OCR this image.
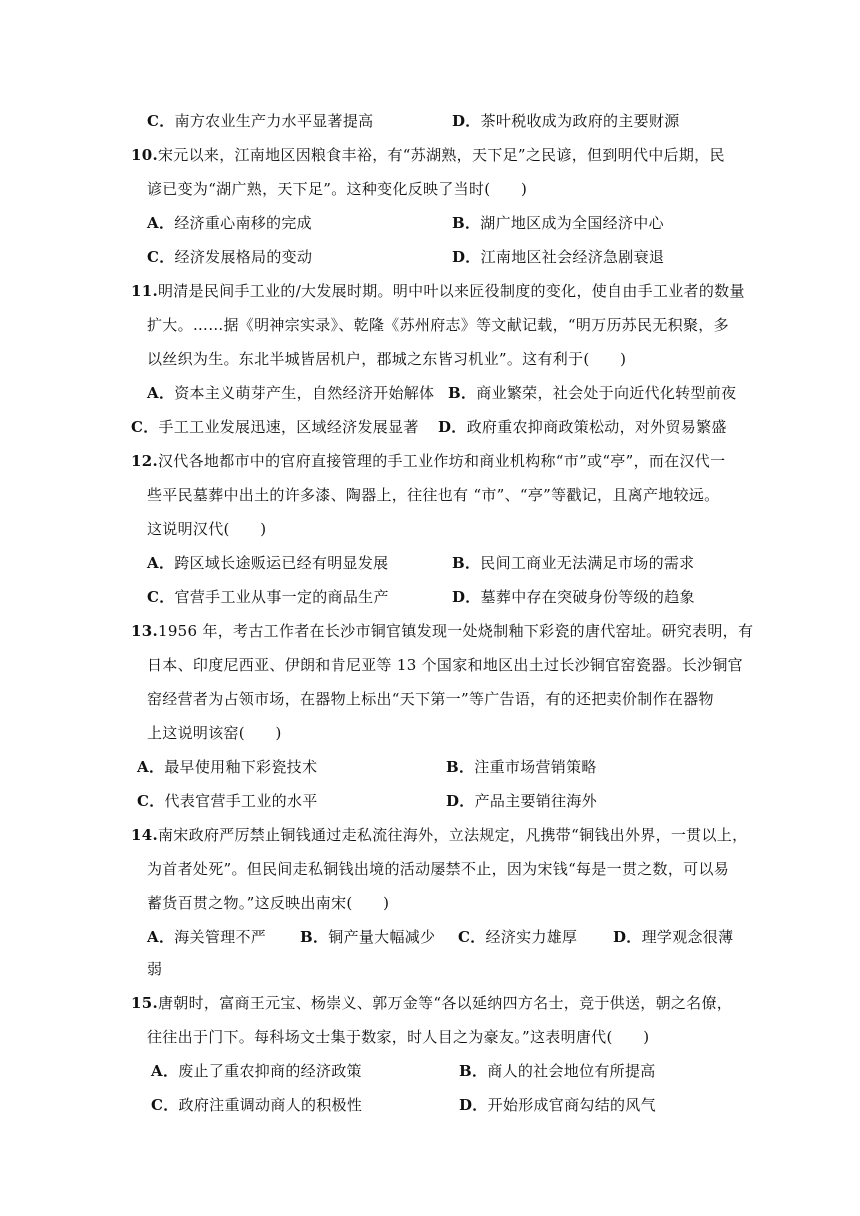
C．南方农业生产力水平显著提高	D．茶叶税收成为政府的主要财源
10.宋元以来，江南地区因粮食丰裕，有“苏湖熟，天下足”之民谚，但到明代中后期，民
谚已变为“湖广熟，天下足”。这种变化反映了当时(　　)
A．经济重心南移的完成	B．湖广地区成为全国经济中心
C．经济发展格局的变动	D．江南地区社会经济急剧衰退
11.明清是民间手工业的/大发展时期。明中叶以来匠役制度的变化，使自由手工业者的数量
扩大。……据《明神宗实录》、乾隆《苏州府志》等文献记载，“明万历苏民无积聚，多
以丝织为生。东北半城皆居机户，郡城之东皆习机业”。这有利于(　　)
A．资本主义萌芽产生，自然经济开始解体 B．商业繁荣，社会处于向近代化转型前夜
C．手工工业发展迅速，区域经济发展显著 D．政府重农抑商政策松动，对外贸易繁盛
12.汉代各地都市中的官府直接管理的手工业作坊和商业机构称“市”或“亭”，而在汉代一
些平民墓葬中出土的许多漆、陶器上，往往也有 “市”、“亭”等戳记，且离产地较远。
这说明汉代(　　)
A．跨区域长途贩运已经有明显发展	B．民间工商业无法满足市场的需求
C．官营手工业从事一定的商品生产	D．墓葬中存在突破身份等级的趋象
13.1956 年，考古工作者在长沙市铜官镇发现一处烧制釉下彩瓷的唐代窑址。研究表明，有
日本、印度尼西亚、伊朗和肯尼亚等 13 个国家和地区出土过长沙铜官窑瓷器。长沙铜官
窑经营者为占领市场，在器物上标出“天下第一”等广告语，有的还把卖价制作在器物
上这说明该窑(　　)
A．最早使用釉下彩瓷技术	B．注重市场营销策略
C．代表官营手工业的水平	D．产品主要销往海外
14.南宋政府严厉禁止铜钱通过走私流往海外，立法规定，凡携带“铜钱出外界，一贯以上，
为首者处死”。但民间走私铜钱出境的活动屡禁不止，因为宋钱“每是一贯之数，可以易
蓄货百贯之物。”这反映出南宋(　　)
A．海关管理不严 B．铜产量大幅减少 C．经济实力雄厚 D．理学观念很薄
弱
15.唐朝时，富商王元宝、杨崇义、郭万金等“各以延纳四方名士，竞于供送，朝之名僚，
往往出于门下。每科场文士集于数家，时人目之为豪友。”这表明唐代(　　)
A．废止了重农抑商的经济政策	B．商人的社会地位有所提高
C．政府注重调动商人的积极性	D．开始形成官商勾结的风气
